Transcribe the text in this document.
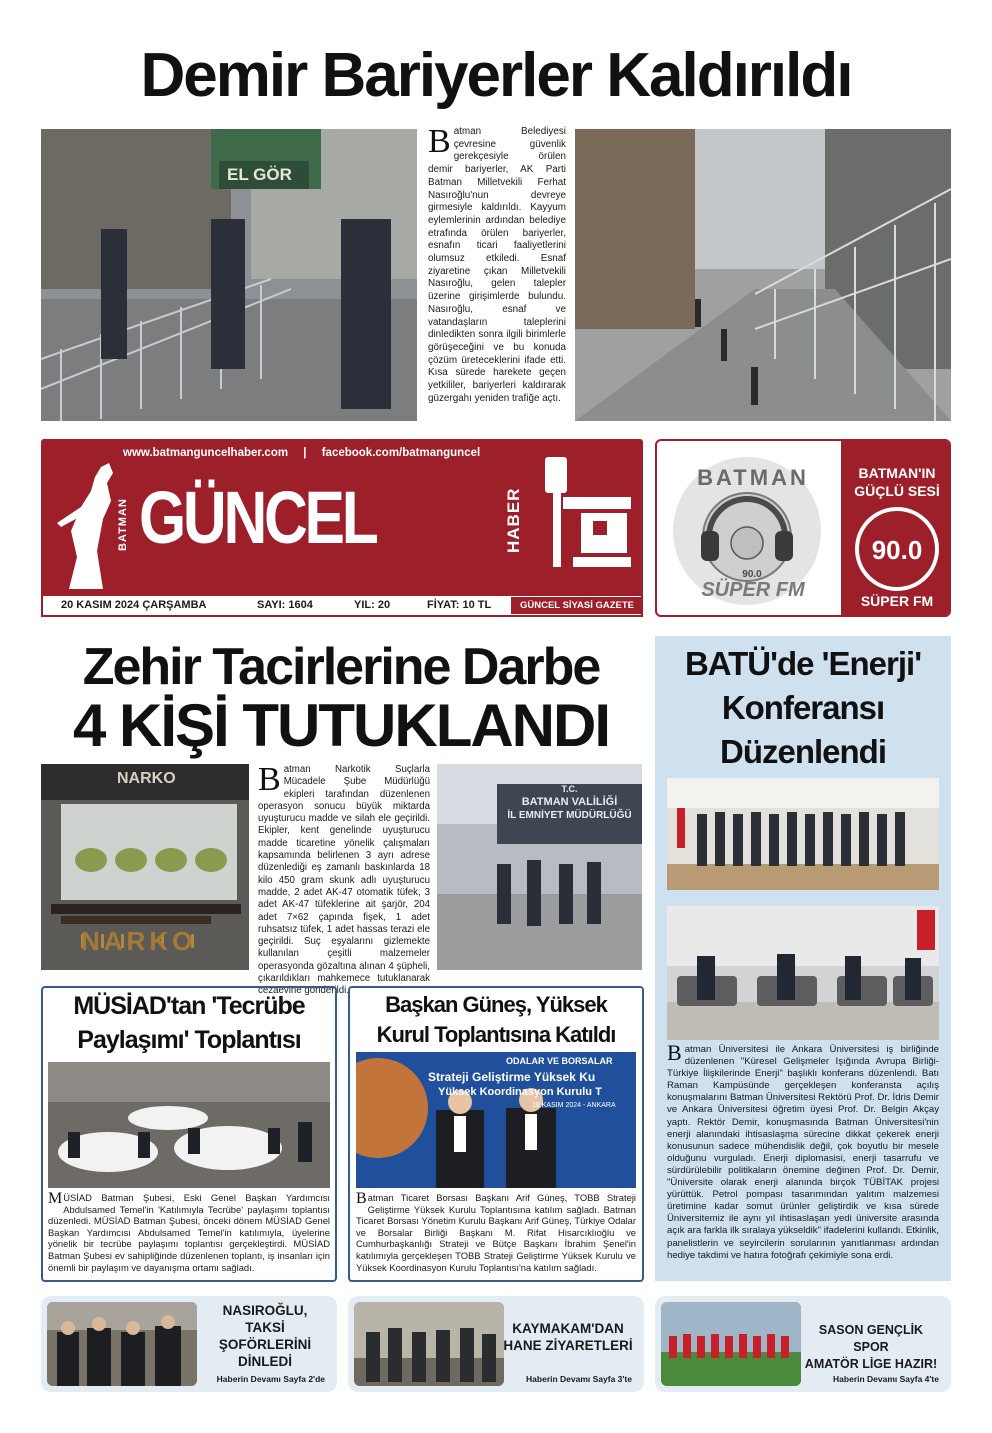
Demir Bariyerler Kaldırıldı
EL GÖR
Batman Belediyesi çevresine güvenlik gerekçesiyle örülen demir bariyerler, AK Parti Batman Milletvekili Ferhat Nasıroğlu'nun devreye girmesiyle kaldırıldı. Kayyum eylemlerinin ardından belediye etrafında örülen bariyerler, esnafın ticari faaliyetlerini olumsuz etkiledi. Esnaf ziyaretine çıkan Milletvekili Nasıroğlu, gelen talepler üzerine girişimlerde bulundu. Nasıroğlu, esnaf ve vatandaşların taleplerini dinledikten sonra ilgili birimlerle görüşeceğini ve bu konuda çözüm üreteceklerini ifade etti. Kısa sürede harekete geçen yetkililer, bariyerleri kaldırarak güzergahı yeniden trafiğe açtı.
www.batmanguncelhaber.com | facebook.com/batmanguncel
BATMAN GÜNCEL	HABER
20 KASIM 2024 ÇARŞAMBA	SAYI: 1604	YIL: 20	FİYAT: 10 TL	GÜNCEL SİYASİ GAZETE
BATMAN
90.0
SÜPER FM
BATMAN'IN
GÜÇLÜ SESİ
90.0
SÜPER FM
Zehir Tacirlerine Darbe
4 KİŞİ TUTUKLANDI
NARKO
NARKO
Batman Narkotik Suçlarla Mücadele Şube Müdürlüğü ekipleri tarafından düzenlenen operasyon sonucu büyük miktarda uyuşturucu madde ve silah ele geçirildi. Ekipler, kent genelinde uyuşturucu madde ticaretine yönelik çalışmaları kapsamında belirlenen 3 ayrı adrese düzenlediği eş zamanlı baskınlarda 18 kilo 450 gram skunk adlı uyuşturucu madde, 2 adet AK-47 otomatik tüfek, 3 adet AK-47 tüfeklerine ait şarjör, 204 adet 7×62 çapında fişek, 1 adet ruhsatsız tüfek, 1 adet hassas terazi ele geçirildi. Suç eşyalarını gizlemekte kullanılan çeşitli malzemeler operasyonda gözaltına alınan 4 şüpheli, çıkarıldıkları mahkemece tutuklanarak cezaevine gönderildi.
T.C.
BATMAN VALİLİĞİ
İL EMNİYET MÜDÜRLÜĞÜ
BATÜ'de 'Enerji'
Konferansı
Düzenlendi
Batman Üniversitesi ile Ankara Üniversitesi iş birliğinde düzenlenen "Küresel Gelişmeler Işığında Avrupa Birliği-Türkiye İlişkilerinde Enerji" başlıklı konferans düzenlendi. Batı Raman Kampüsünde gerçekleşen konferansta açılış konuşmalarını Batman Üniversitesi Rektörü Prof. Dr. İdris Demir ve Ankara Üniversitesi öğretim üyesi Prof. Dr. Belgin Akçay yaptı. Rektör Demir, konuşmasında Batman Üniversitesi'nin enerji alanındaki ihtisaslaşma sürecine dikkat çekerek enerji konusunun sadece mühendislik değil, çok boyutlu bir mesele olduğunu vurguladı. Enerji diplomasisi, enerji tasarrufu ve sürdürülebilir politikaların önemine değinen Prof. Dr. Demir, "Üniversite olarak enerji alanında birçok TÜBİTAK projesi yürüttük. Petrol pompası tasarımından yalıtım malzemesi üretimine kadar somut ürünler geliştirdik ve kısa sürede Üniversitemiz ile aynı yıl ihtisaslaşan yedi üniversite arasında açık ara farkla ilk sıralaya yükseldik" ifadelerini kullandı. Etkinlik, panelistlerin ve seyircilerin sorularının yanıtlanması ardından hediye takdimi ve hatıra fotoğrafı çekimiyle sona erdi.
MÜSİAD'tan 'Tecrübe
Paylaşımı' Toplantısı
MÜSİAD Batman Şubesi, Eski Genel Başkan Yardımcısı Abdulsamed Temel'in 'Katılımıyla Tecrübe' paylaşımı toplantısı düzenledi. MÜSİAD Batman Şubesi, önceki dönem MÜSİAD Genel Başkan Yardımcısı Abdulsamed Temel'in katılımıyla, üyelerine yönelik bir tecrübe paylaşımı toplantısı gerçekleştirdi. MÜSİAD Batman Şubesi ev sahipliğinde düzenlenen toplantı, iş insanları için önemli bir paylaşım ve dayanışma ortamı sağladı.
Başkan Güneş, Yüksek
Kurul Toplantısına Katıldı
ODALAR VE BORSALAR
Strateji Geliştirme Yüksek Ku
Yüksek Koordinasyon Kurulu T
18 KASIM 2024 - ANKARA
Batman Ticaret Borsası Başkanı Arif Güneş, TOBB Strateji Geliştirme Yüksek Kurulu Toplantısına katılım sağladı. Batman Ticaret Borsası Yönetim Kurulu Başkanı Arif Güneş, Türkiye Odalar ve Borsalar Birliği Başkanı M. Rifat Hisarcıklıoğlu ve Cumhurbaşkanlığı Strateji ve Bütçe Başkanı İbrahim Şenel'in katılımıyla gerçekleşen TOBB Strateji Geliştirme Yüksek Kurulu ve Yüksek Koordinasyon Kurulu Toplantısı'na katılım sağladı.
NASIROĞLU,
TAKSİ
ŞOFÖRLERİNİ
DİNLEDİ
Haberin Devamı Sayfa 2'de
KAYMAKAM'DAN
HANE ZİYARETLERİ
Haberin Devamı Sayfa 3'te
SASON GENÇLİK SPOR
AMATÖR LİGE HAZIR!
Haberin Devamı Sayfa 4'te
